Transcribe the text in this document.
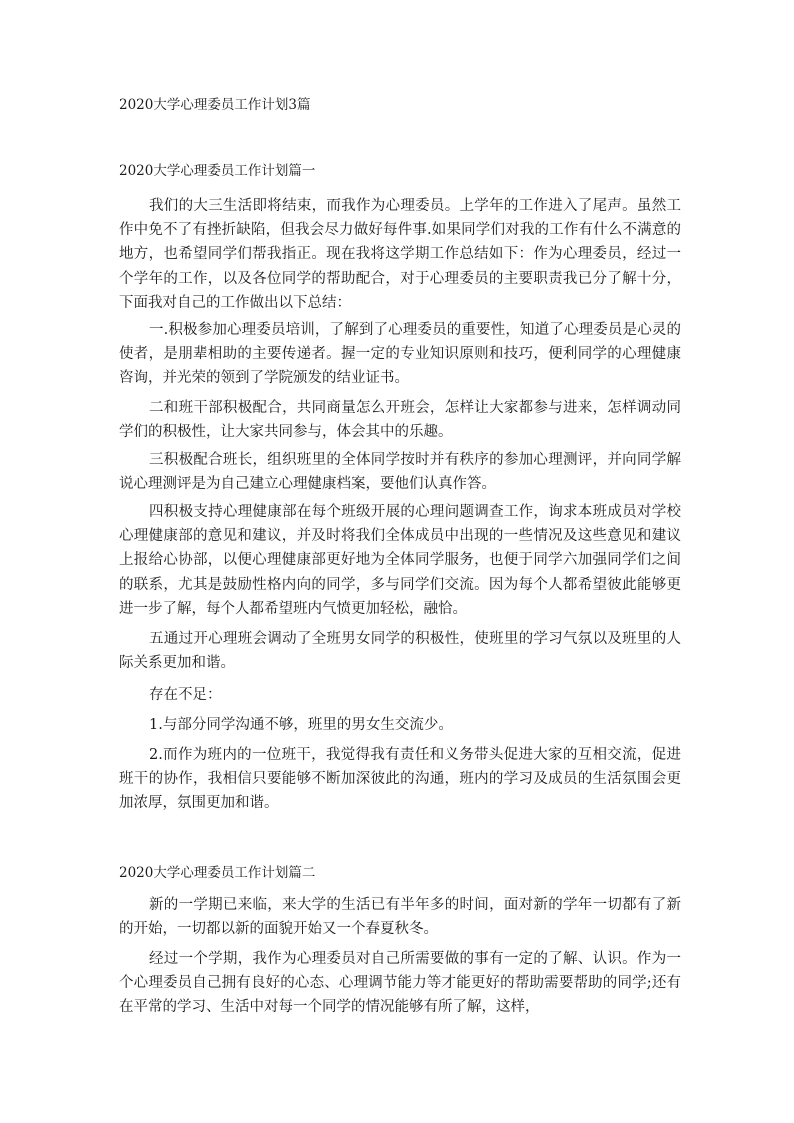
2020大学心理委员工作计划3篇
2020大学心理委员工作计划篇一

我们的大三生活即将结束，而我作为心理委员。上学年的工作进入了尾声。虽然工作中免不了有挫折缺陷，但我会尽力做好每件事.如果同学们对我的工作有什么不满意的地方，也希望同学们帮我指正。现在我将这学期工作总结如下：作为心理委员，经过一个学年的工作，以及各位同学的帮助配合，对于心理委员的主要职责我已分了解十分，下面我对自己的工作做出以下总结：

一.积极参加心理委员培训，了解到了心理委员的重要性，知道了心理委员是心灵的使者，是朋辈相助的主要传递者。握一定的专业知识原则和技巧，便利同学的心理健康咨询，并光荣的领到了学院颁发的结业证书。

二和班干部积极配合，共同商量怎么开班会，怎样让大家都参与进来，怎样调动同学们的积极性，让大家共同参与，体会其中的乐趣。

三积极配合班长，组织班里的全体同学按时并有秩序的参加心理测评，并向同学解说心理测评是为自己建立心理健康档案，要他们认真作答。

四积极支持心理健康部在每个班级开展的心理问题调查工作，询求本班成员对学校心理健康部的意见和建议，并及时将我们全体成员中出现的一些情况及这些意见和建议上报给心协部，以便心理健康部更好地为全体同学服务，也便于同学六加强同学们之间的联系，尤其是鼓励性格内向的同学，多与同学们交流。因为每个人都希望彼此能够更进一步了解，每个人都希望班内气愤更加轻松，融恰。

五通过开心理班会调动了全班男女同学的积极性，使班里的学习气氛以及班里的人际关系更加和谐。

存在不足：

1.与部分同学沟通不够，班里的男女生交流少。

2.而作为班内的一位班干，我觉得我有责任和义务带头促进大家的互相交流，促进班干的协作，我相信只要能够不断加深彼此的沟通，班内的学习及成员的生活氛围会更加浓厚，氛围更加和谐。

2020大学心理委员工作计划篇二

新的一学期已来临，来大学的生活已有半年多的时间，面对新的学年一切都有了新的开始，一切都以新的面貌开始又一个春夏秋冬。

经过一个学期，我作为心理委员对自己所需要做的事有一定的了解、认识。作为一个心理委员自己拥有良好的心态、心理调节能力等才能更好的帮助需要帮助的同学;还有在平常的学习、生活中对每一个同学的情况能够有所了解，这样，
